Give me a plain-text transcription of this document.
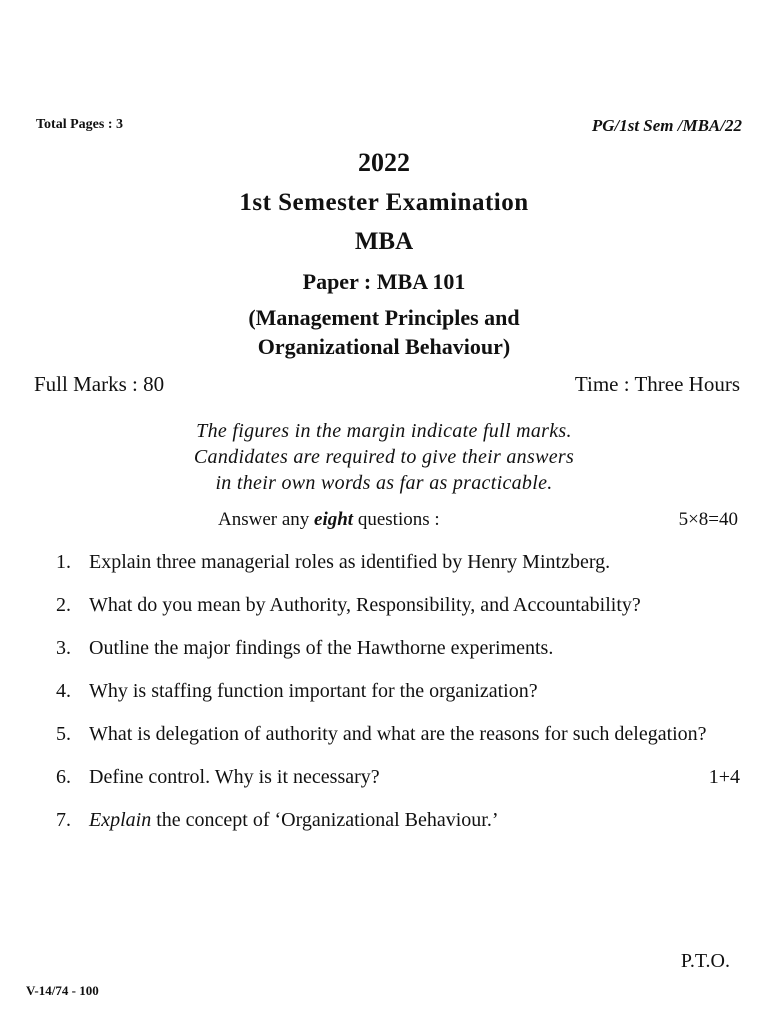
Total Pages : 3	PG/1st Sem /MBA/22
2022
1st Semester Examination
MBA
Paper : MBA 101
(Management Principles and
Organizational Behaviour)
Full Marks : 80	Time : Three Hours
The figures in the margin indicate full marks.
Candidates are required to give their answers
in their own words as far as practicable.
Answer any eight questions :	5×8=40
1. Explain three managerial roles as identified by Henry Mintzberg.
2. What do you mean by Authority, Responsibility, and Accountability?
3. Outline the major findings of the Hawthorne experiments.
4. Why is staffing function important for the organization?
5. What is delegation of authority and what are the reasons for such delegation?
6. Define control. Why is it necessary?	1+4
7. Explain the concept of ‘Organizational Behaviour.’
P.T.O.
V-14/74 - 100
